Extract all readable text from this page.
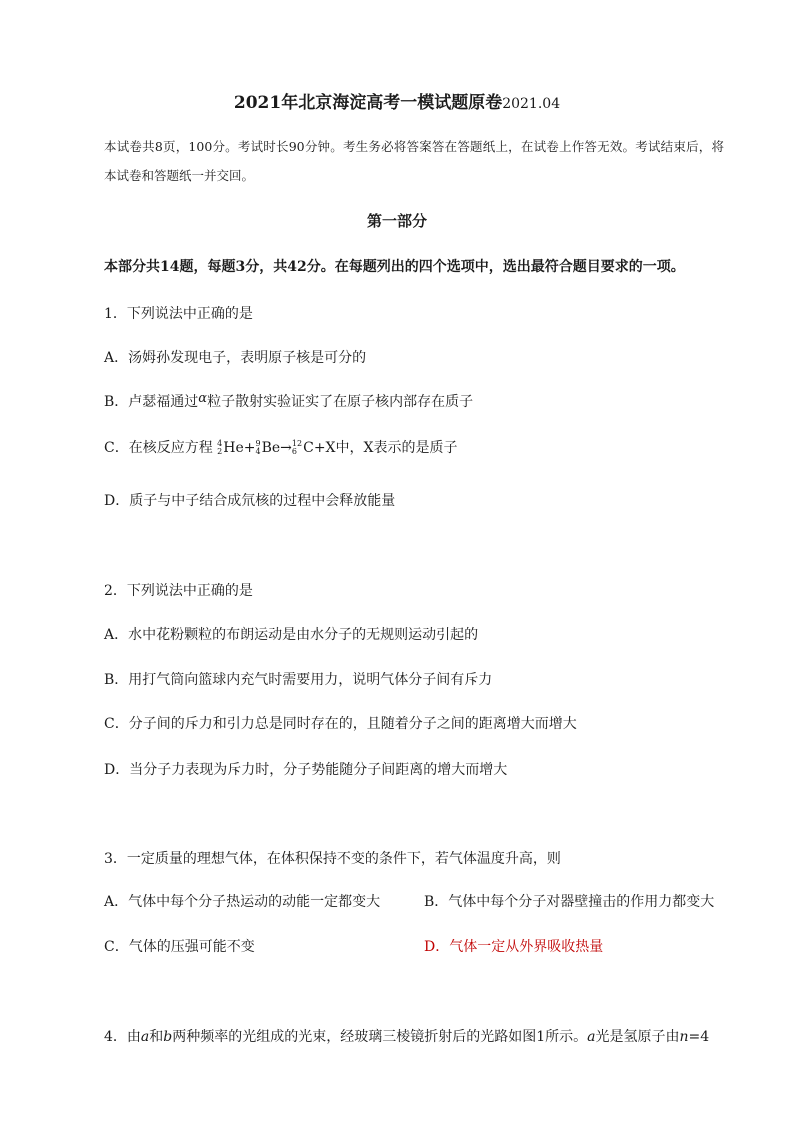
2021年北京海淀高考一模试题原卷2021.04
本试卷共8页，100分。考试时长90分钟。考生务必将答案答在答题纸上，在试卷上作答无效。考试结束后，将本试卷和答题纸一并交回。
第一部分
本部分共14题，每题3分，共42分。在每题列出的四个选项中，选出最符合题目要求的一项。
1．下列说法中正确的是
A．汤姆孙发现电子，表明原子核是可分的
B．卢瑟福通过α粒子散射实验证实了在原子核内部存在质子
C．在核反应方程 4
2 He+ 9
4 Be→ 12
6 C+X中，X表示的是质子
D．质子与中子结合成氘核的过程中会释放能量
2．下列说法中正确的是
A．水中花粉颗粒的布朗运动是由水分子的无规则运动引起的
B．用打气筒向篮球内充气时需要用力，说明气体分子间有斥力
C．分子间的斥力和引力总是同时存在的，且随着分子之间的距离增大而增大
D．当分子力表现为斥力时，分子势能随分子间距离的增大而增大
3．一定质量的理想气体，在体积保持不变的条件下，若气体温度升高，则
A．气体中每个分子热运动的动能一定都变大	B．气体中每个分子对器壁撞击的作用力都变大
C．气体的压强可能不变	D．气体一定从外界吸收热量
4．由a和b两种频率的光组成的光束，经玻璃三棱镜折射后的光路如图1所示。a光是氢原子由n=4
